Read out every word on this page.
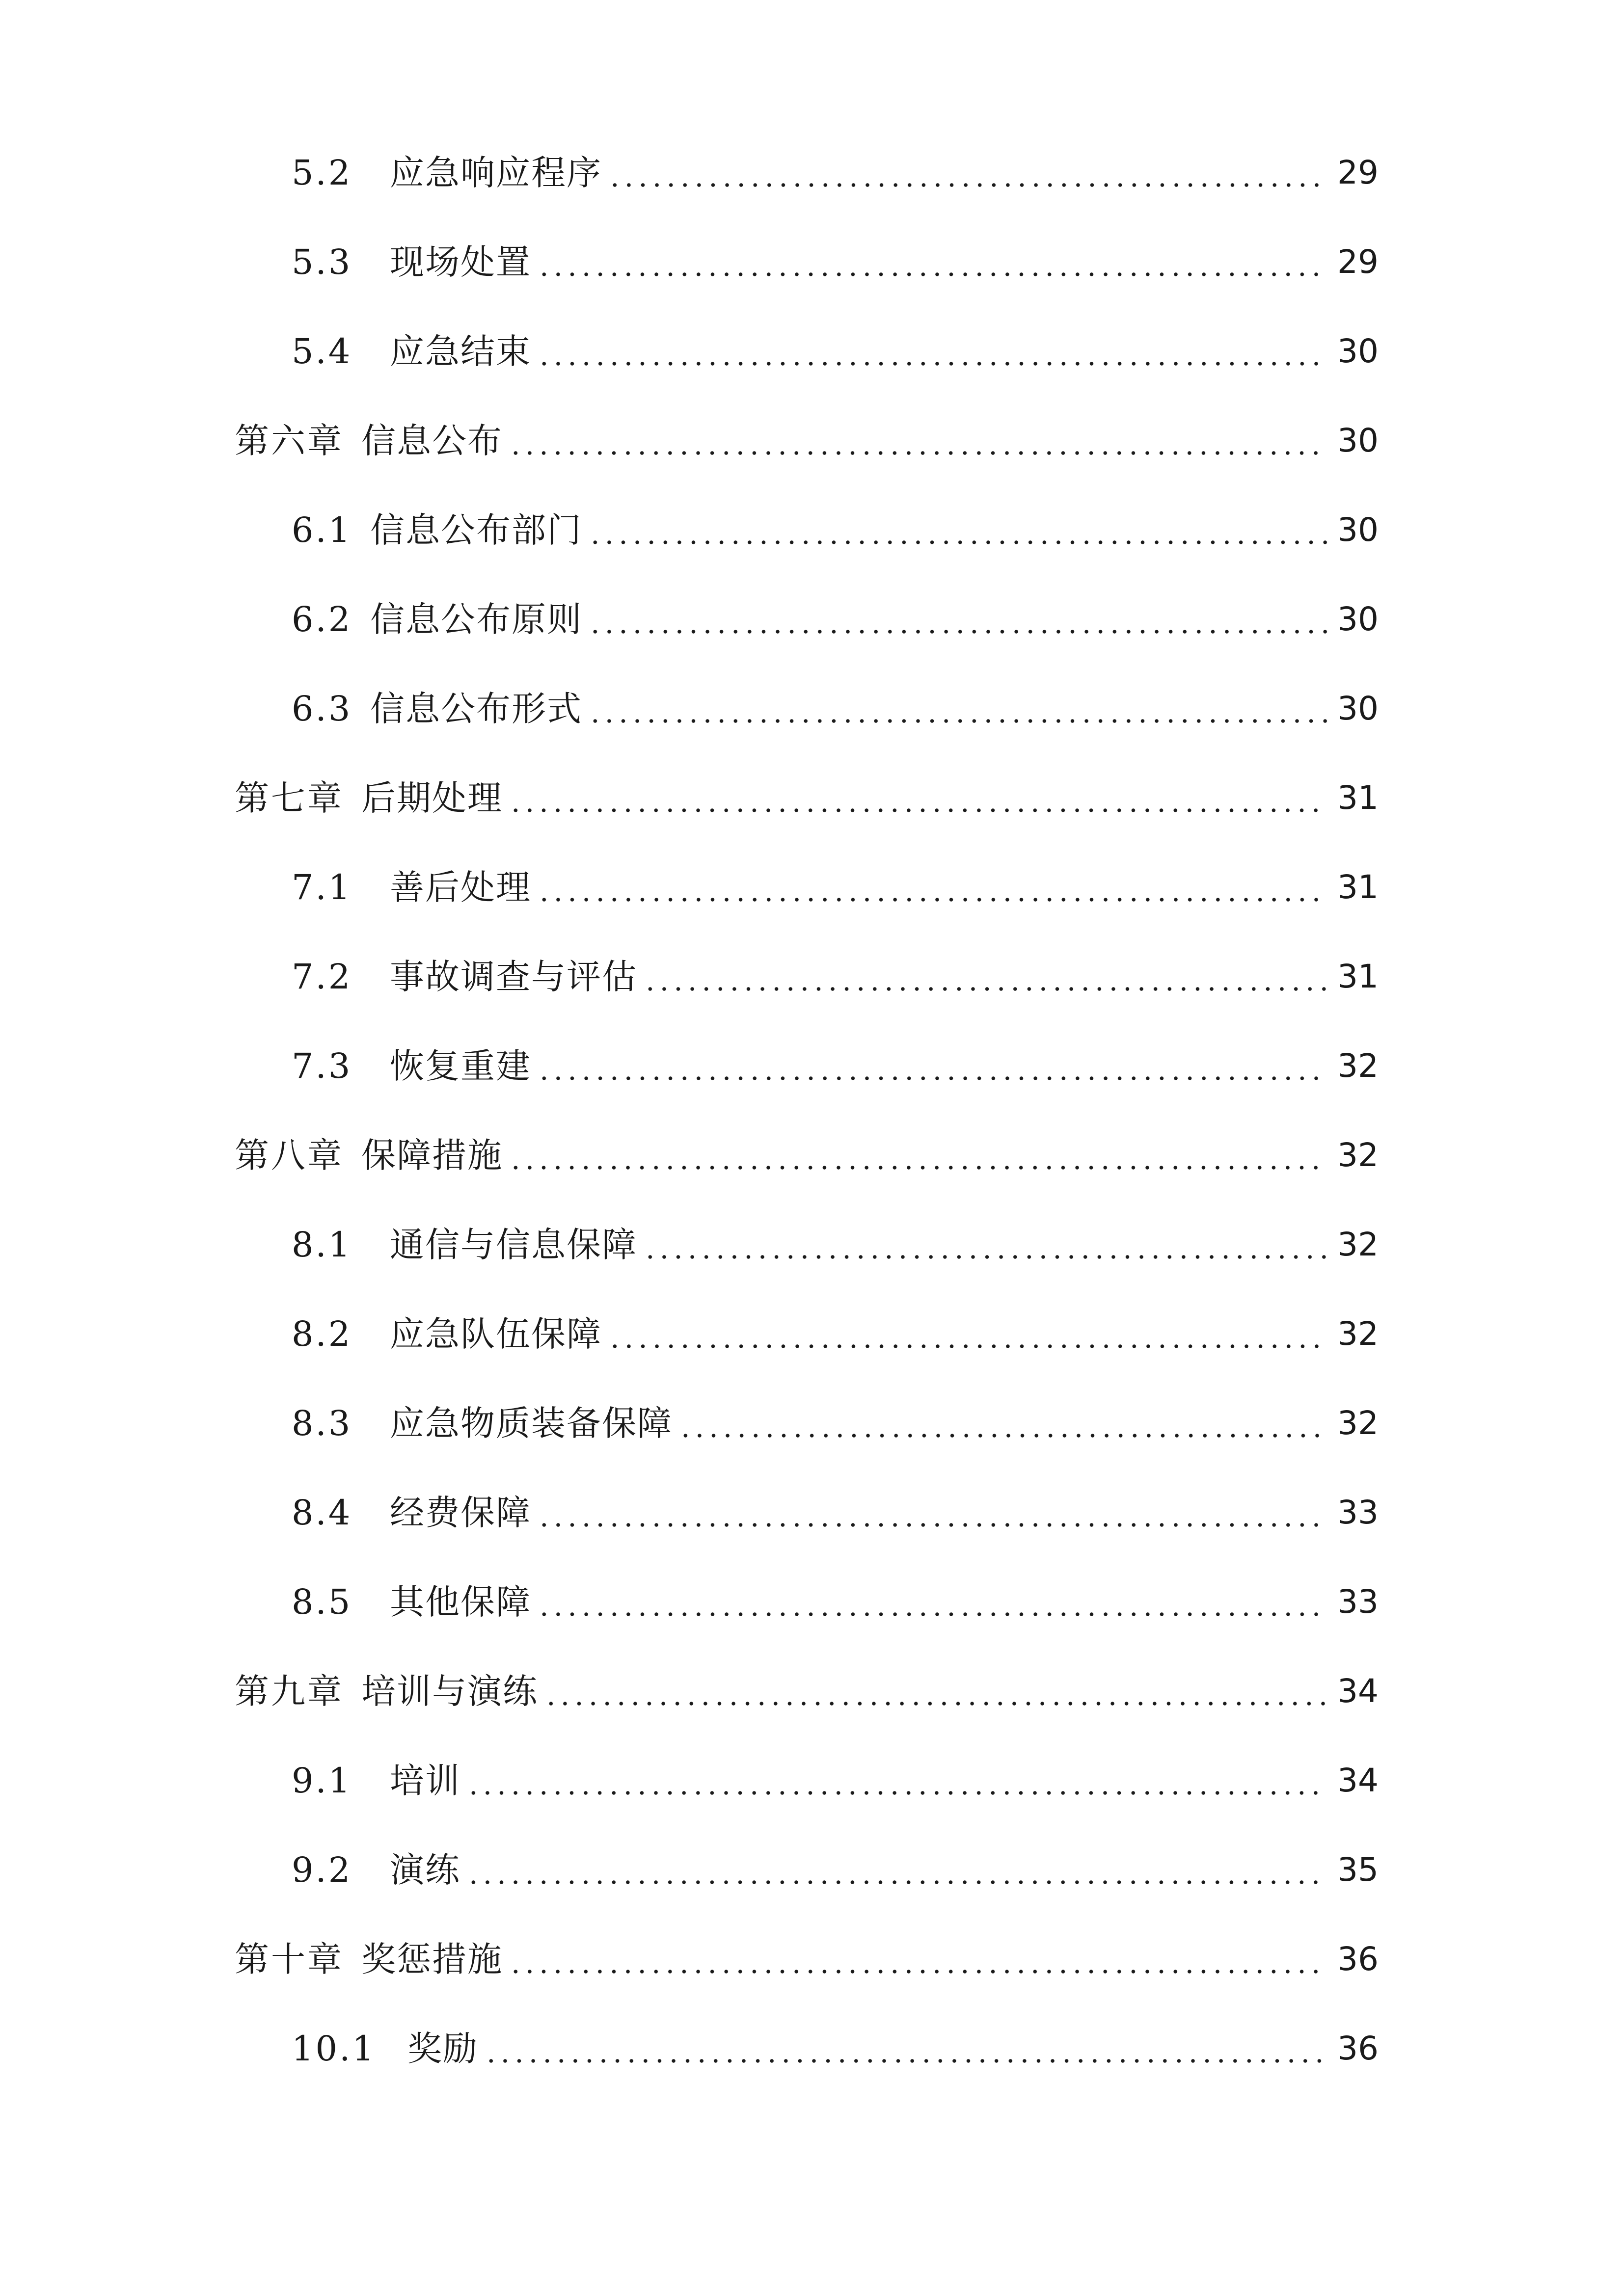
5.2	应急响应程序	29
5.3	现场处置	29
5.4	应急结束	30
第六章 信息公布	30
6.1 信息公布部门	30
6.2 信息公布原则	30
6.3 信息公布形式	30
第七章 后期处理	31
7.1	善后处理	31
7.2	事故调查与评估	31
7.3	恢复重建	32
第八章 保障措施	32
8.1	通信与信息保障	32
8.2	应急队伍保障	32
8.3	应急物质装备保障	32
8.4	经费保障	33
8.5	其他保障	33
第九章 培训与演练	34
9.1	培训	34
9.2	演练	35
第十章 奖惩措施	36
10.1 奖励	36
